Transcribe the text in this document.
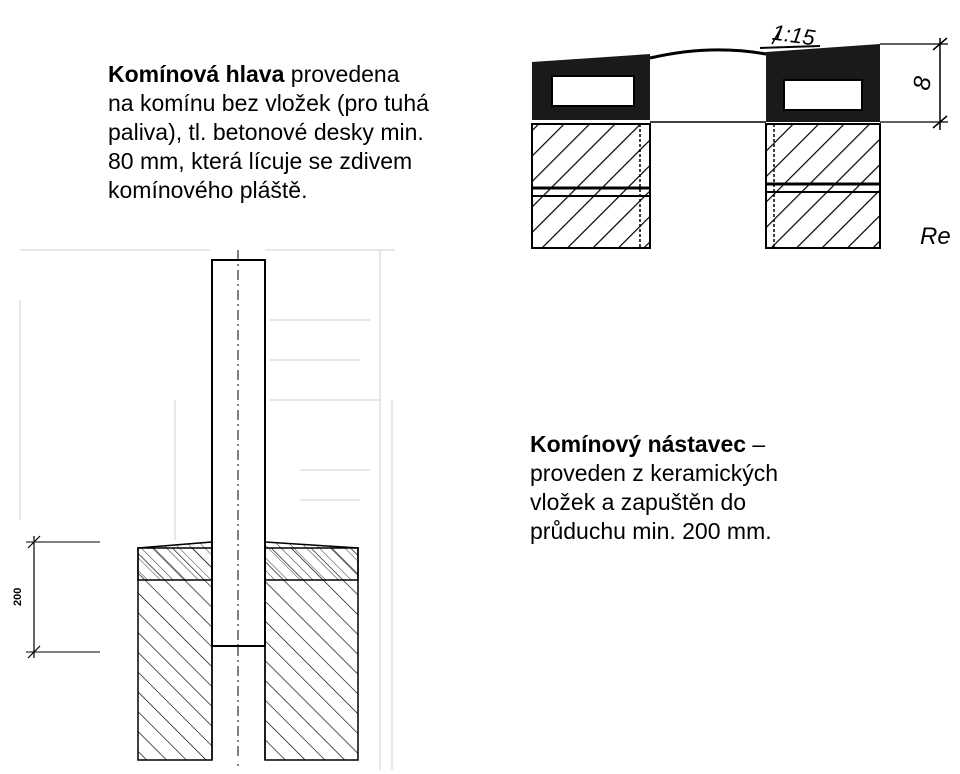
Komínová hlava provedena
na komínu bez vložek (pro tuhá
paliva), tl. betonové desky min.
80 mm, která lícuje se zdivem
komínového pláště.
Komínový nástavec –
proveden z keramických
vložek a zapuštěn do
průduchu min. 200 mm.
1:15
8
Re
200
